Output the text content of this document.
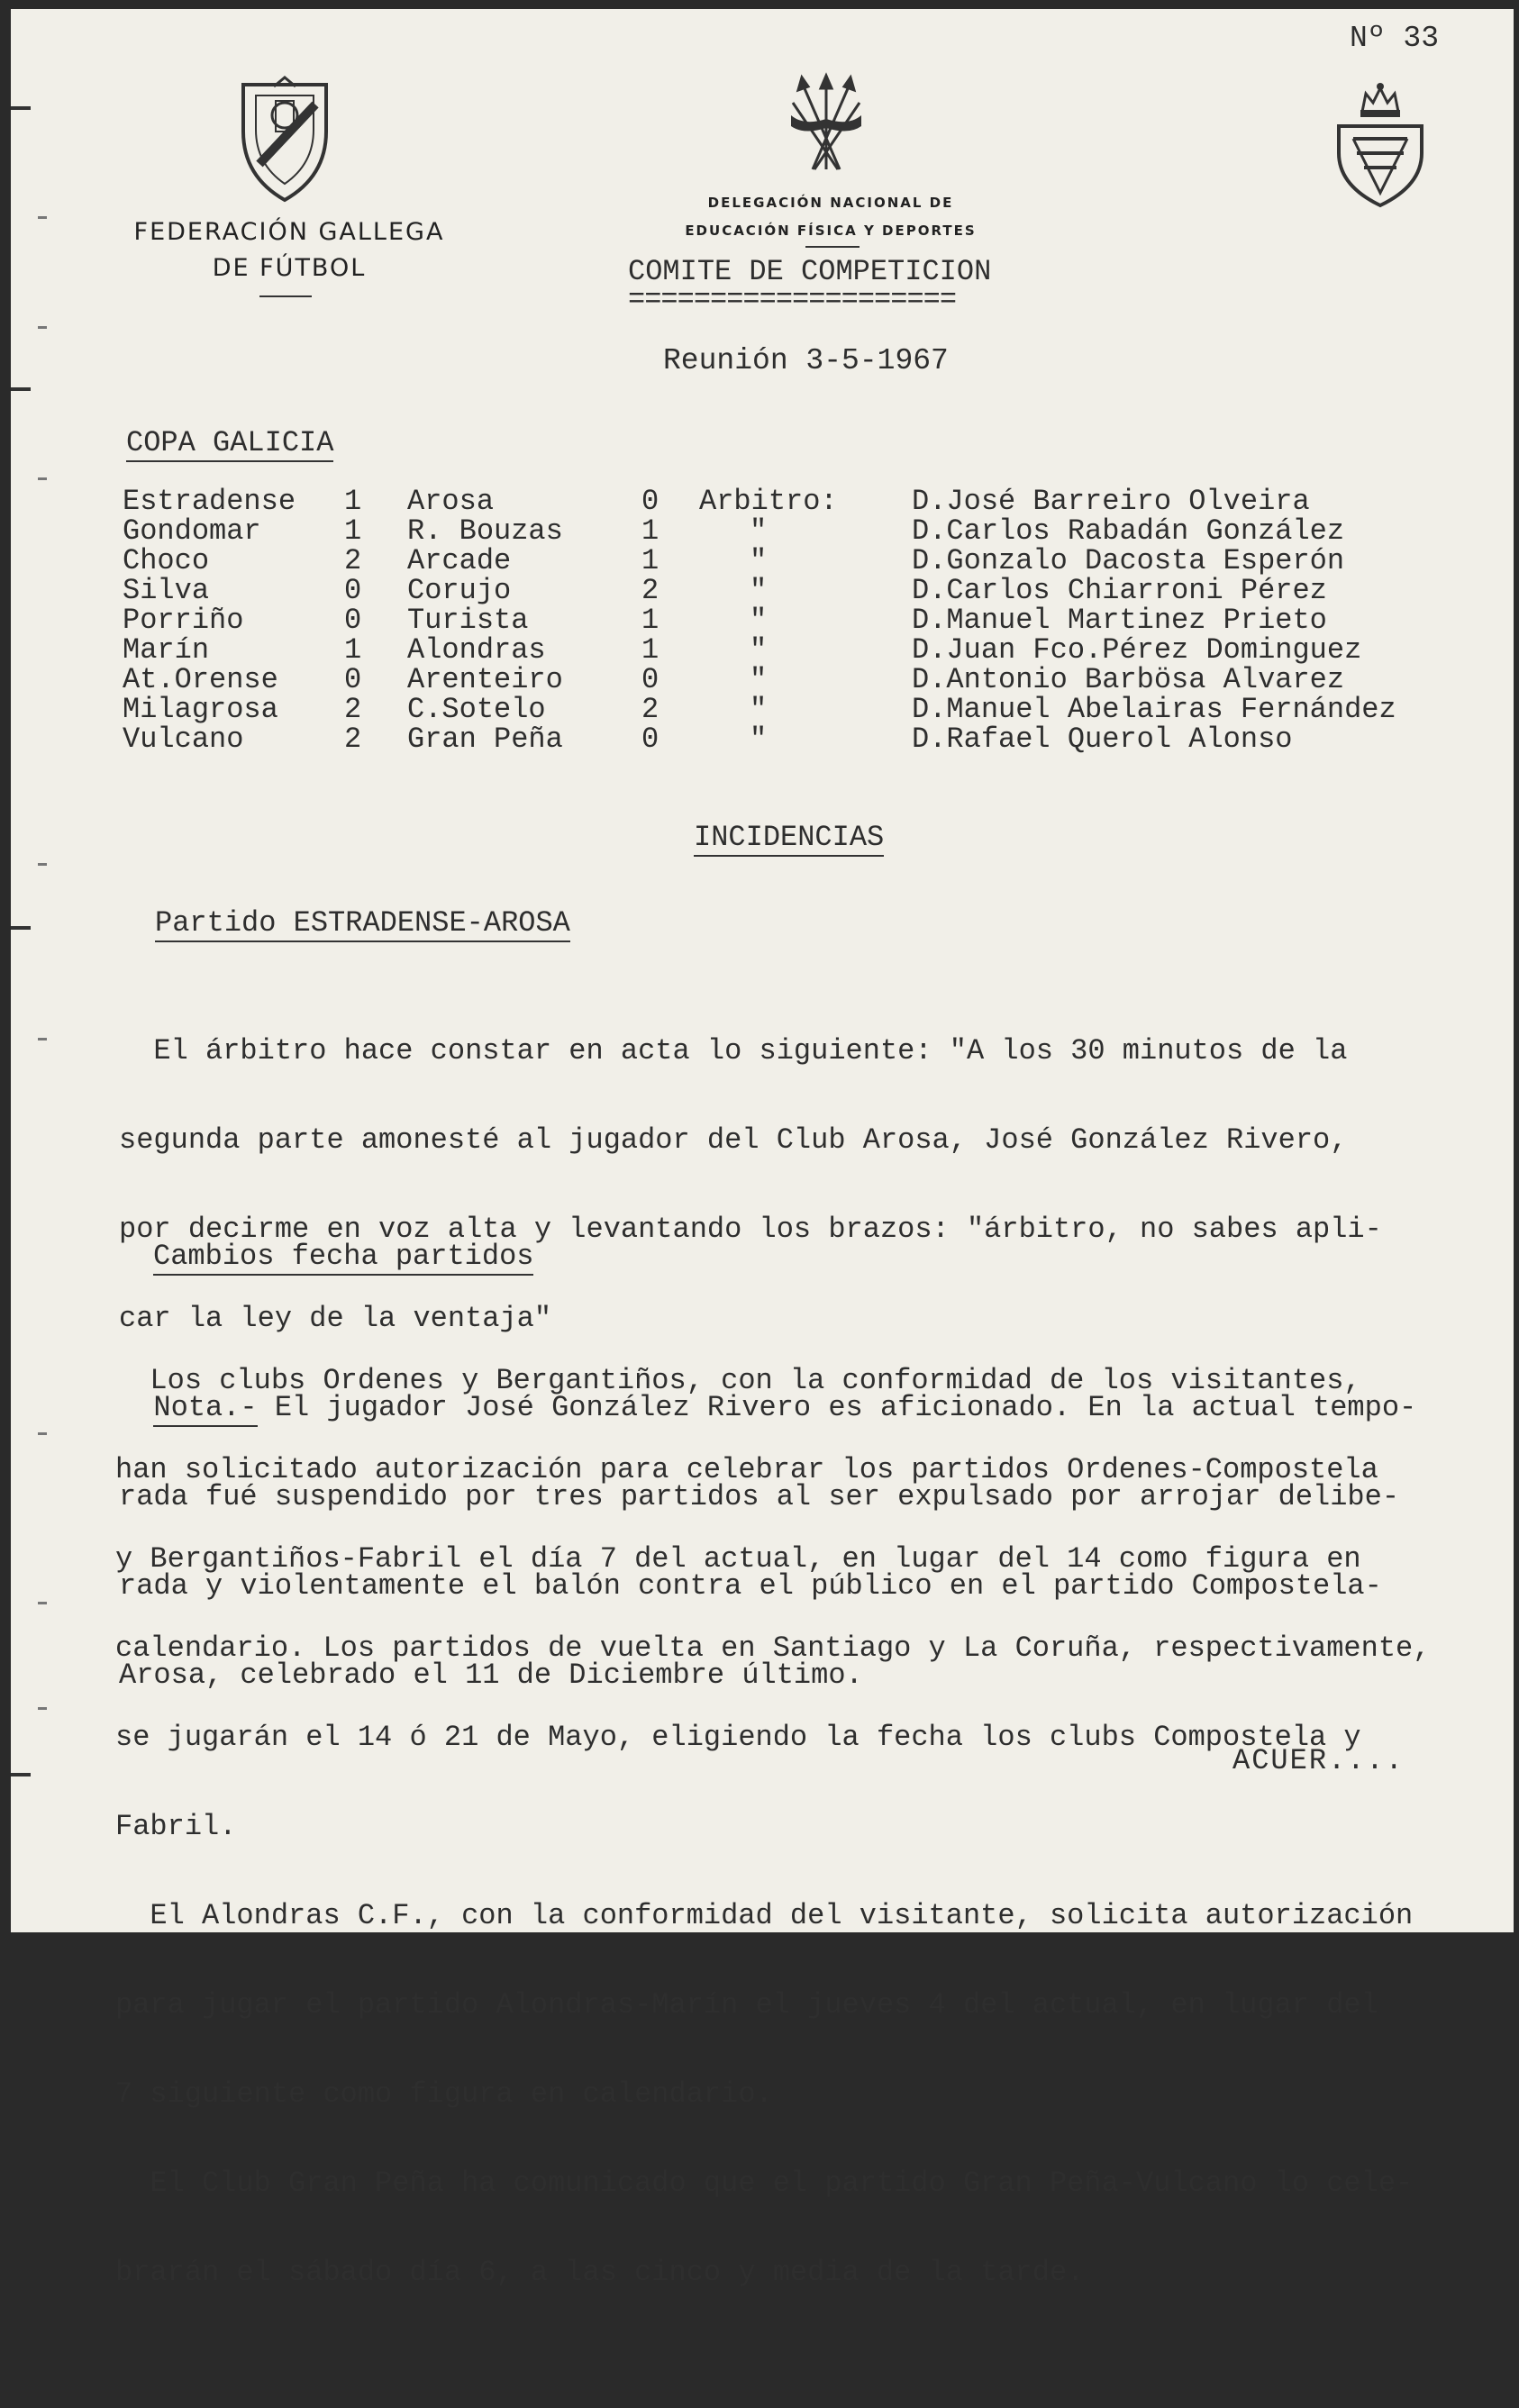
Nº 33
FEDERACIÓN GALLEGA
DE FÚTBOL
DELEGACIÓN NACIONAL DE
EDUCACIÓN FÍSICA Y DEPORTES
COMITE DE COMPETICION
====================
Reunión 3-5-1967
COPA GALICIA
Estradense	1	Arosa	0	Arbitro:	D.José Barreiro Olveira
Gondomar	1	R. Bouzas	1	"	D.Carlos Rabadán González
Choco	2	Arcade	1	"	D.Gonzalo Dacosta Esperón
Silva	0	Corujo	2	"	D.Carlos Chiarroni Pérez
Porriño	0	Turista	1	"	D.Manuel Martinez Prieto
Marín	1	Alondras	1	"	D.Juan Fco.Pérez Dominguez
At.Orense	0	Arenteiro	0	"	D.Antonio Barbösa Alvarez
Milagrosa	2	C.Sotelo	2	"	D.Manuel Abelairas Fernández
Vulcano	2	Gran Peña	0	"	D.Rafael Querol Alonso
INCIDENCIAS
Partido ESTRADENSE-AROSA

El árbitro hace constar en acta lo siguiente: "A los 30 minutos de la

segunda parte amonesté al jugador del Club Arosa, José González Rivero,

por decirme en voz alta y levantando los brazos: "árbitro, no sabes apli-

car la ley de la ventaja"

Nota.- El jugador José González Rivero es aficionado. En la actual tempo-

rada fué suspendido por tres partidos al ser expulsado por arrojar delibe-

rada y violentamente el balón contra el público en el partido Compostela-

Arosa, celebrado el 11 de Diciembre último.

Cambios fecha partidos

Los clubs Ordenes y Bergantiños, con la conformidad de los visitantes,

han solicitado autorización para celebrar los partidos Ordenes-Compostela

y Bergantiños-Fabril el día 7 del actual, en lugar del 14 como figura en

calendario. Los partidos de vuelta en Santiago y La Coruña, respectivamente,

se jugarán el 14 ó 21 de Mayo, eligiendo la fecha los clubs Compostela y

Fabril.

El Alondras C.F., con la conformidad del visitante, solicita autorización

para jugar el partido Alondras-Marín el jueves 4 del actual, en lugar del

7 siguiente como figura en calendario.

El Club Gran Peña ha comunicado que el partido Gran Peña-Vulcano lo cele-

brarán el sábado día 6, a las cinco y media de la tarde.

ACUER....
